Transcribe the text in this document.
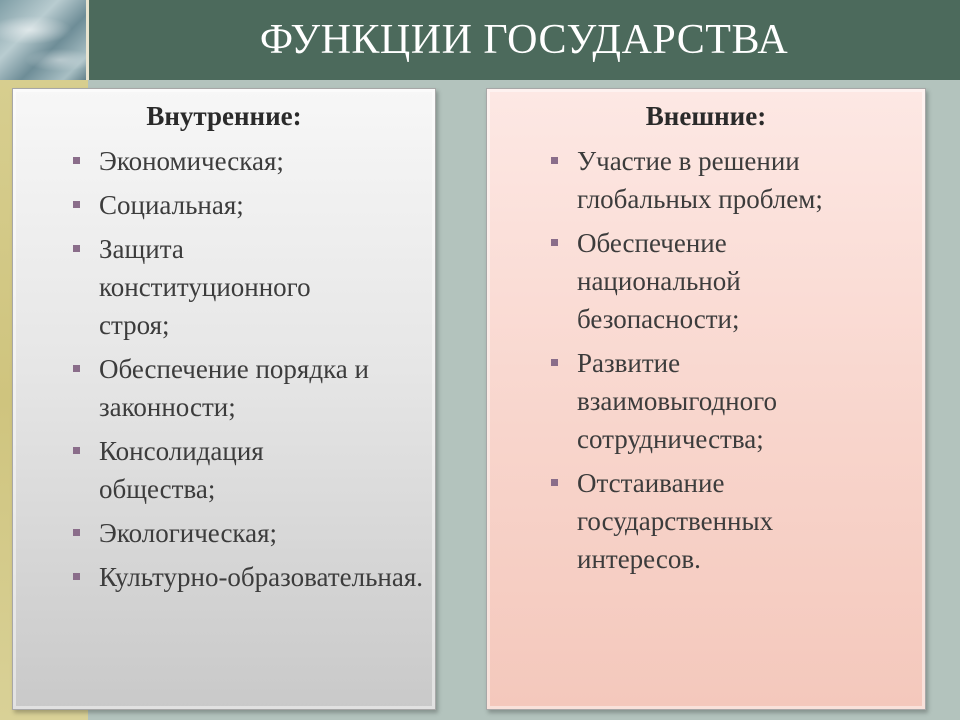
ФУНКЦИИ ГОСУДАРСТВА
Внутренние:
Экономическая;
Социальная;
Защита конституционного строя;
Обеспечение порядка и законности;
Консолидация общества;
Экологическая;
Культурно-образовательная.
Внешние:
Участие в решении глобальных проблем;
Обеспечение национальной безопасности;
Развитие взаимовыгодного сотрудничества;
Отстаивание государственных интересов.
